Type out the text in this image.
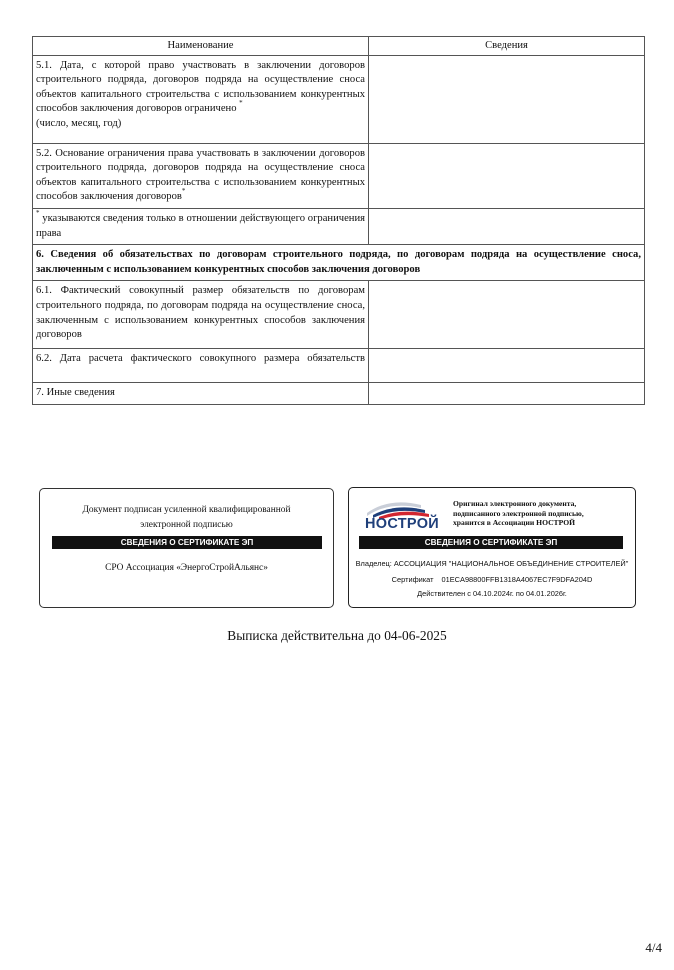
Наименование	Сведения
5.1. Дата, с которой право участвовать в заключении договоров строительного подряда, договоров подряда на осуществление сноса объектов капитального строительства с использованием конкурентных способов заключения договоров ограничено *
(число, месяц, год)	
5.2. Основание ограничения права участвовать в заключении договоров строительного подряда, договоров подряда на осуществление сноса объектов капитального строительства с использованием конкурентных способов заключения договоров*	
* указываются сведения только в отношении действующего ограничения права	
6. Сведения об обязательствах по договорам строительного подряда, по договорам подряда на осуществление сноса, заключенным с использованием конкурентных способов заключения договоров	
6.1. Фактический совокупный размер обязательств по договорам строительного подряда, по договорам подряда на осуществление сноса, заключенным с использованием конкурентных способов заключения договоров	
6.2. Дата расчета фактического совокупного размера обязательств	
7. Иные сведения	
Документ подписан усиленной квалифицированной
электронной подписью
СВЕДЕНИЯ О СЕРТИФИКАТЕ ЭП
СРО Ассоциация «ЭнергоСтройАльянс»
НОСТРОЙ
Оригинал электронного документа,
подписанного электронной подписью,
хранится в Ассоциации НОСТРОЙ
СВЕДЕНИЯ О СЕРТИФИКАТЕ ЭП
Владелец: АССОЦИАЦИЯ "НАЦИОНАЛЬНОЕ ОБЪЕДИНЕНИЕ СТРОИТЕЛЕЙ"
Сертификат 01ECA98800FFB1318A4067EC7F9DFA204D
Действителен с 04.10.2024г. по 04.01.2026г.
Выписка действительна до 04-06-2025
4/4
